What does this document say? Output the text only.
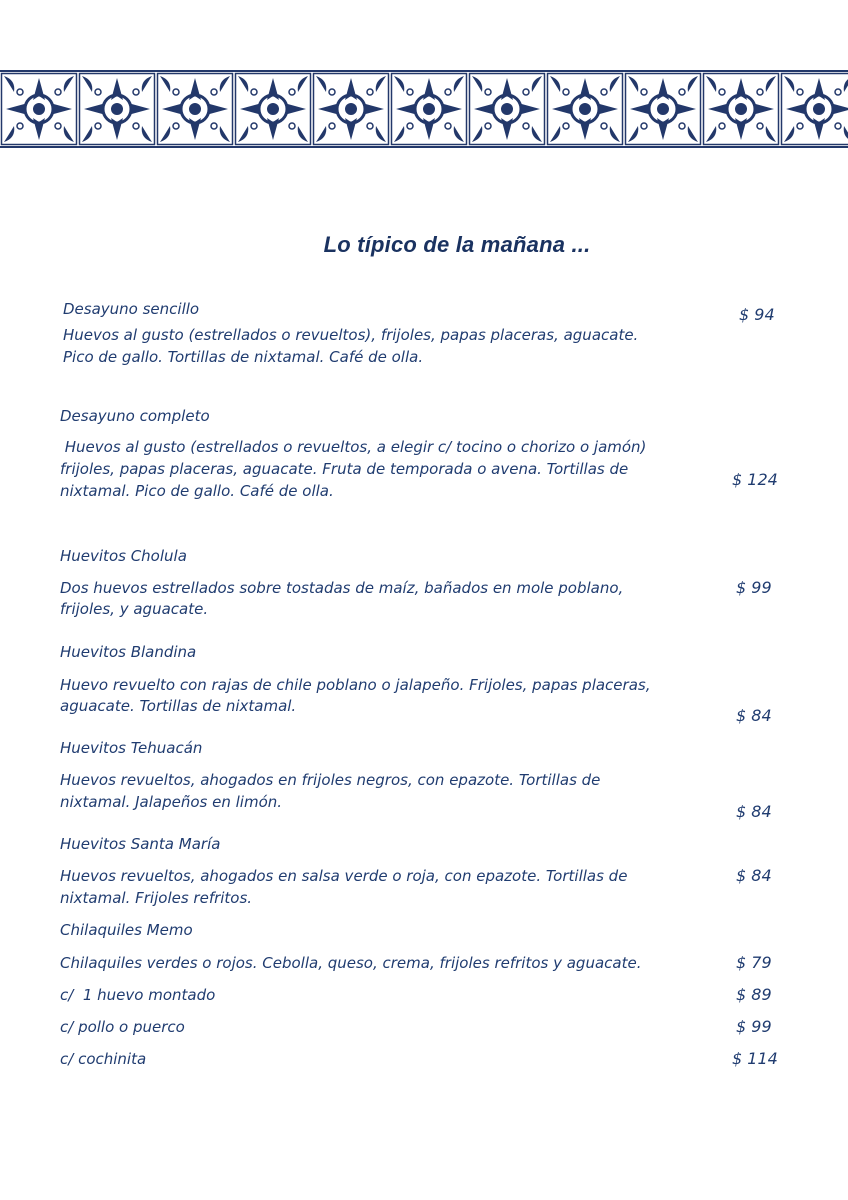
Lo típico de la mañana ...
Desayuno sencillo	$ 94
Huevos al gusto (estrellados o revueltos), frijoles, papas placeras, aguacate.
Pico de gallo. Tortillas de nixtamal. Café de olla.
Desayuno completo
Huevos al gusto (estrellados o revueltos, a elegir c/ tocino o chorizo o jamón)
frijoles, papas placeras, aguacate. Fruta de temporada o avena. Tortillas de
nixtamal. Pico de gallo. Café de olla.
$ 124
Huevitos Cholula
Dos huevos estrellados sobre tostadas de maíz, bañados en mole poblano,
frijoles, y aguacate.
$ 99
Huevitos Blandina
Huevo revuelto con rajas de chile poblano o jalapeño. Frijoles, papas placeras,
aguacate. Tortillas de nixtamal.	$ 84
Huevitos Tehuacán
Huevos revueltos, ahogados en frijoles negros, con epazote. Tortillas de
nixtamal. Jalapeños en limón.	$ 84
Huevitos Santa María
Huevos revueltos, ahogados en salsa verde o roja, con epazote. Tortillas de
nixtamal. Frijoles refritos.
$ 84
Chilaquiles Memo
Chilaquiles verdes o rojos. Cebolla, queso, crema, frijoles refritos y aguacate.	$ 79
c/  1 huevo montado	$ 89
c/ pollo o puerco	$ 99
c/ cochinita	$ 114
